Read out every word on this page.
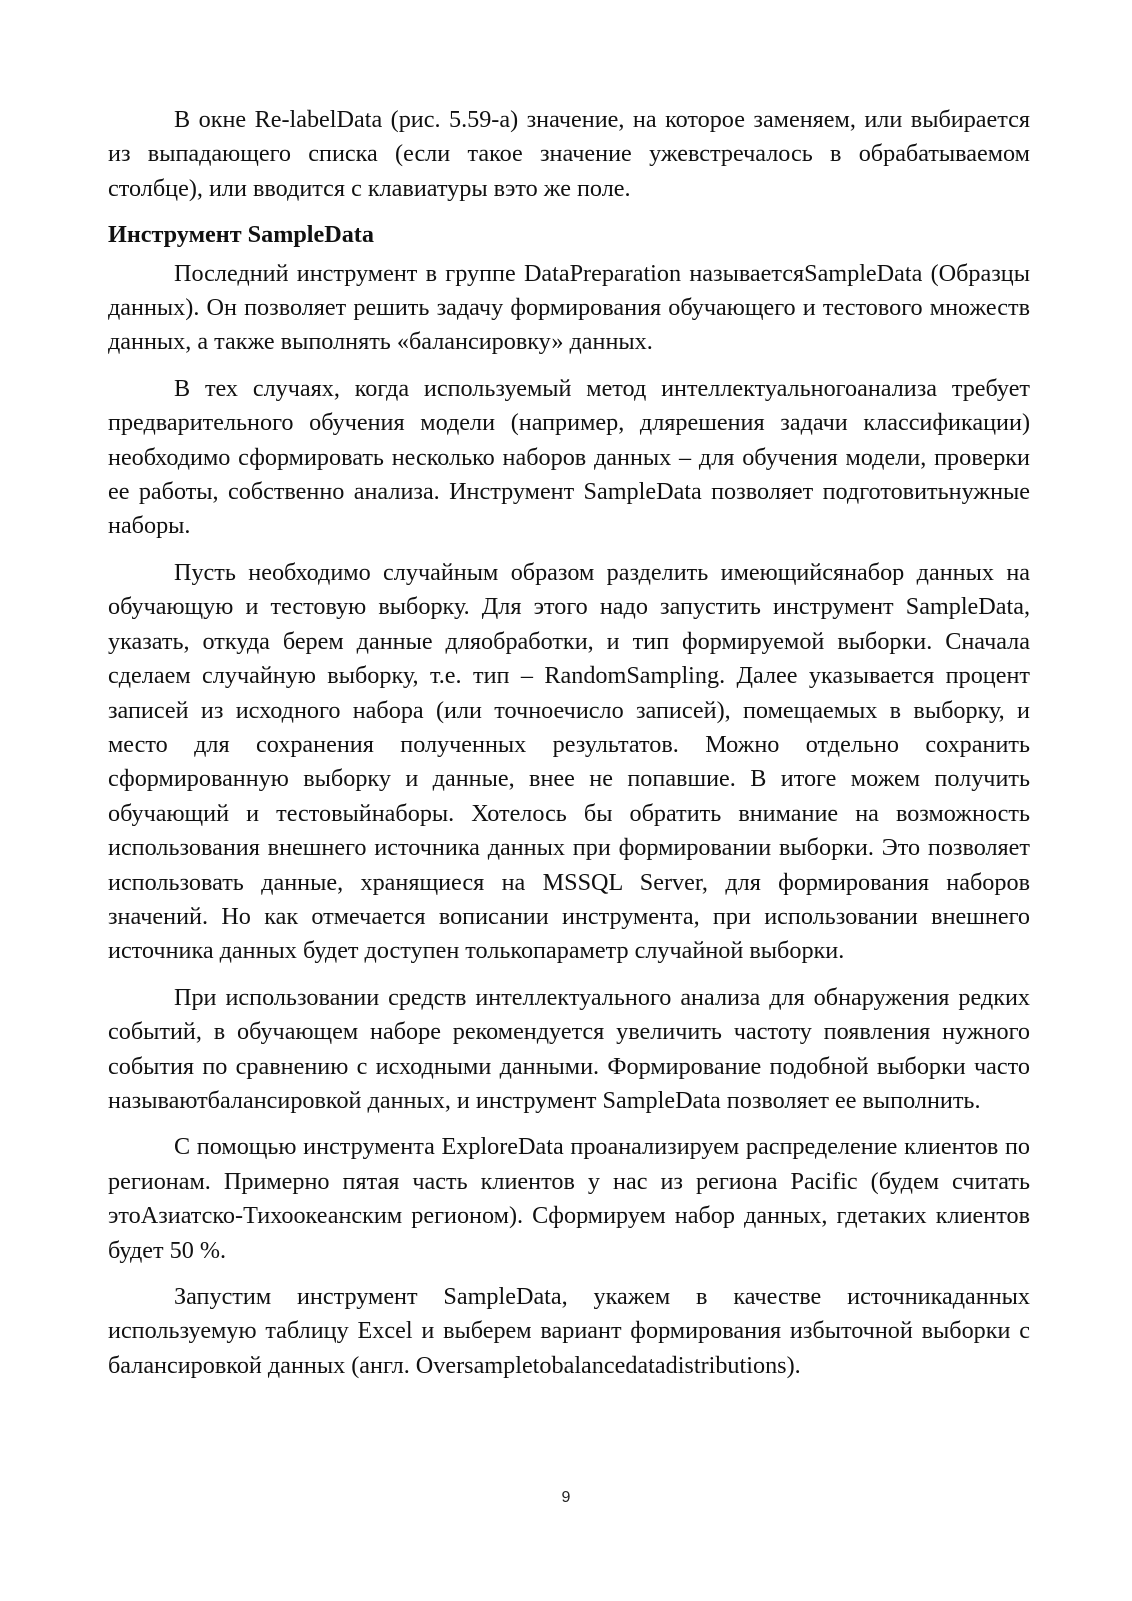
В окне Re-labelData (рис. 5.59-а) значение, на которое заменяем, или выбирается из выпадающего списка (если такое значение ужевстречалось в обрабатываемом столбце), или вводится с клавиатуры вэто же поле.

Инструмент SampleData

Последний инструмент в группе DataPreparation называетсяSampleData (Образцы данных). Он позволяет решить задачу формирования обучающего и тестового множеств данных, а также выполнять «балансировку» данных.

В тех случаях, когда используемый метод интеллектуальногоанализа требует предварительного обучения модели (например, длярешения задачи классификации) необходимо сформировать несколько наборов данных – для обучения модели, проверки ее работы, собственно анализа. Инструмент SampleData позволяет подготовитьнужные наборы.

Пусть необходимо случайным образом разделить имеющийсянабор данных на обучающую и тестовую выборку. Для этого надо запустить инструмент SampleData, указать, откуда берем данные дляобработки, и тип формируемой выборки. Сначала сделаем случайную выборку, т.е. тип – RandomSampling. Далее указывается процент записей из исходного набора (или точноечисло записей), помещаемых в выборку, и место для сохранения полученных результатов. Можно отдельно сохранить сформированную выборку и данные, внее не попавшие. В итоге можем получить обучающий и тестовыйнаборы. Хотелось бы обратить внимание на возможность использования внешнего источника данных при формировании выборки. Это позволяет использовать данные, хранящиеся на MSSQL Server, для формирования наборов значений. Но как отмечается вописании инструмента, при использовании внешнего источника данных будет доступен толькопараметр случайной выборки.

При использовании средств интеллектуального анализа для обнаружения редких событий, в обучающем наборе рекомендуется увеличить частоту появления нужного события по сравнению с исходными данными. Формирование подобной выборки часто называютбалансировкой данных, и инструмент SampleData позволяет ее выполнить.

С помощью инструмента ExploreData проанализируем распределение клиентов по регионам. Примерно пятая часть клиентов у нас из региона Pacific (будем считать этоАзиатско-Тихоокеанским регионом). Сформируем набор данных, гдетаких клиентов будет 50 %.

Запустим инструмент SampleData, укажем в качестве источникаданных используемую таблицу Excel и выберем вариант формирования избыточной выборки с балансировкой данных (англ. Oversampletobalancedatadistributions).

9
